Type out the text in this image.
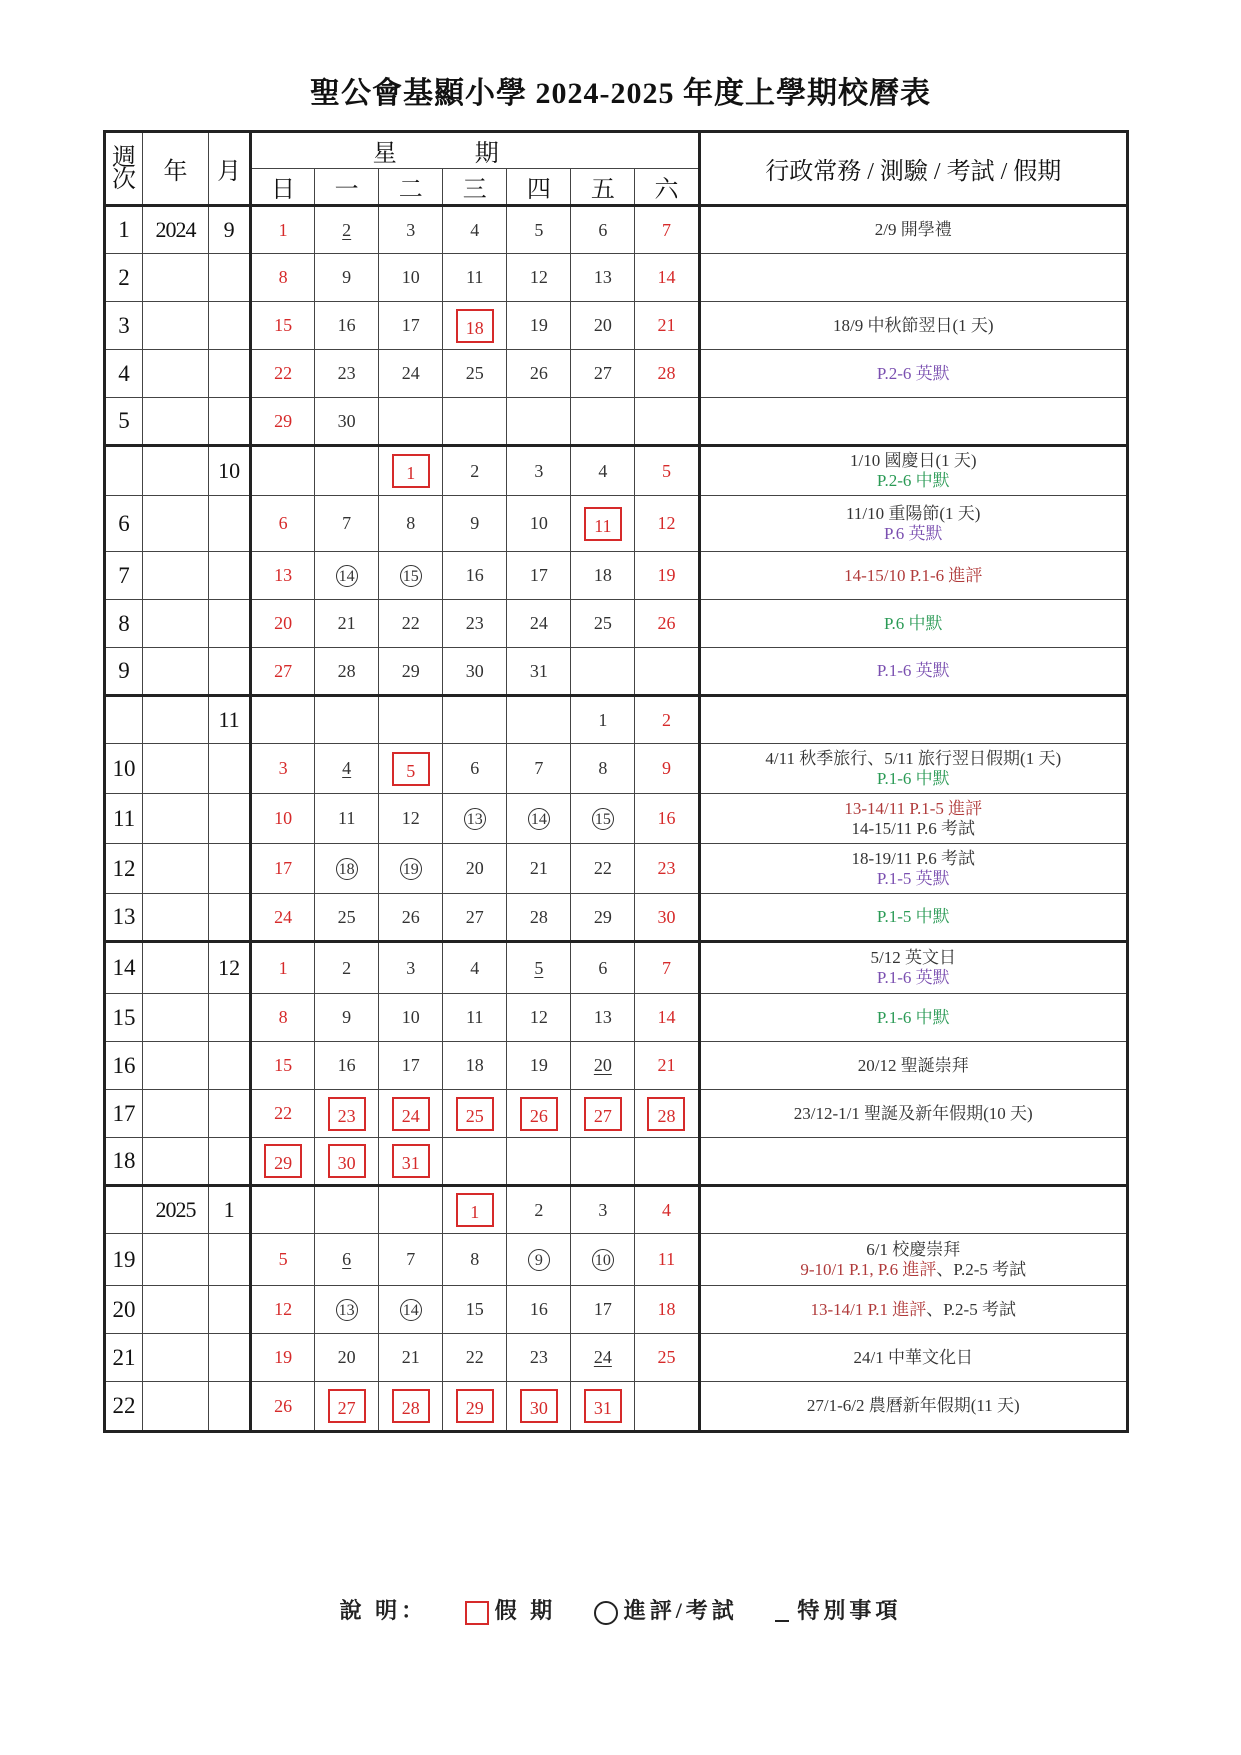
聖公會基顯小學 2024-2025 年度上學期校曆表
週
次	年	月	星期							行政常務 / 測驗 / 考試 / 假期
			日	一	二	三	四	五	六	
1	2024	9	1	2	3	4	5	6	7	2/9 開學禮

2			8	9	10	11	12	13	14	
3			15	16	17	18	19	20	21	18/9 中秋節翌日(1 天)

4			22	23	24	25	26	27	28	P.2-6 英默

5			29	30						
		10			1	2	3	4	5	1/10 國慶日(1 天)
P.2-6 中默

6			6	7	8	9	10	11	12	11/10 重陽節(1 天)
P.6 英默

7			13	14	15	16	17	18	19	14-15/10 P.1-6 進評

8			20	21	22	23	24	25	26	P.6 中默

9			27	28	29	30	31			P.1-6 英默

		11						1	2	
10			3	4	5	6	7	8	9	4/11 秋季旅行、5/11 旅行翌日假期(1 天)
P.1-6 中默

11			10	11	12	13	14	15	16	13-14/11 P.1-5 進評
14-15/11 P.6 考試

12			17	18	19	20	21	22	23	18-19/11 P.6 考試
P.1-5 英默

13			24	25	26	27	28	29	30	P.1-5 中默

14		12	1	2	3	4	5	6	7	5/12 英文日
P.1-6 英默

15			8	9	10	11	12	13	14	P.1-6 中默

16			15	16	17	18	19	20	21	20/12 聖誕崇拜

17			22	23	24	25	26	27	28	23/12-1/1 聖誕及新年假期(10 天)

18			29	30	31					
	2025	1				1	2	3	4	
19			5	6	7	8	9	10	11	6/1 校慶崇拜
9-10/1 P.1, P.6 進評、P.2-5 考試

20			12	13	14	15	16	17	18	13-14/1 P.1 進評、P.2-5 考試

21			19	20	21	22	23	24	25	24/1 中華文化日

22			26	27	28	29	30	31		27/1-6/2 農曆新年假期(11 天)
說 明：	假 期	進評/考試	特別事項
